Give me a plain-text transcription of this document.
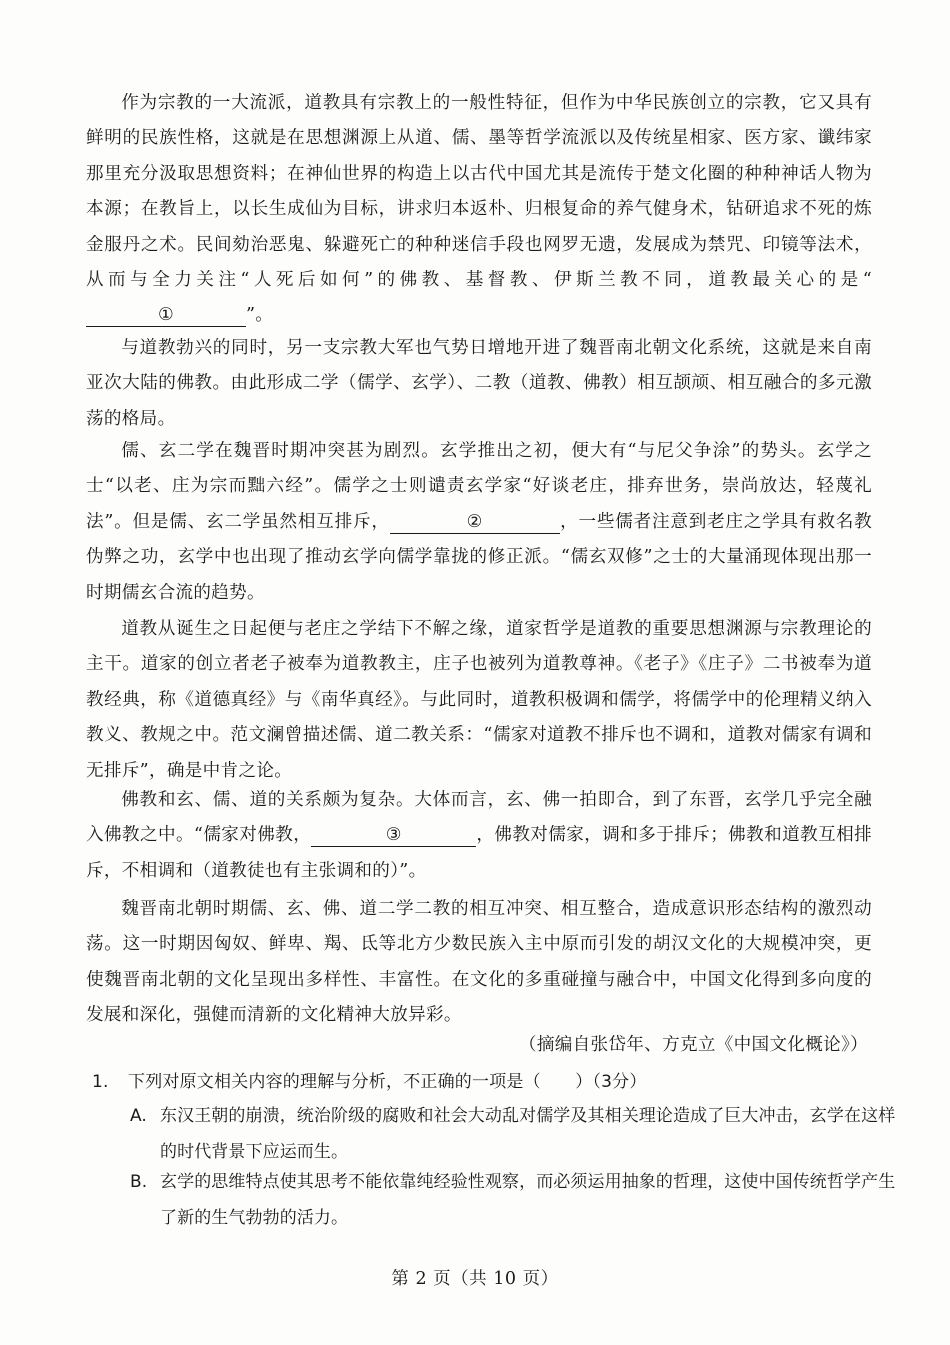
作为宗教的一大流派，道教具有宗教上的一般性特征，但作为中华民族创立的宗教，它又具有鲜明的民族性格，这就是在思想渊源上从道、儒、墨等哲学流派以及传统星相家、医方家、谶纬家那里充分汲取思想资料；在神仙世界的构造上以古代中国尤其是流传于楚文化圈的种种神话人物为本源；在教旨上，以长生成仙为目标，讲求归本返朴、归根复命的养气健身术，钻研追求不死的炼金服丹之术。民间劾治恶鬼、躲避死亡的种种迷信手段也网罗无遗，发展成为禁咒、印镜等法术，从而与全力关注“人死后如何”的佛教、基督教、伊斯兰教不同，道教最关心的是“①	”。

与道教勃兴的同时，另一支宗教大军也气势日增地开进了魏晋南北朝文化系统，这就是来自南亚次大陆的佛教。由此形成二学（儒学、玄学）、二教（道教、佛教）相互颉颃、相互融合的多元激荡的格局。

儒、玄二学在魏晋时期冲突甚为剧烈。玄学推出之初，便大有“与尼父争涂”的势头。玄学之士“以老、庄为宗而黜六经”。儒学之士则谴责玄学家“好谈老庄，排弃世务，崇尚放达，轻蔑礼法”。但是儒、玄二学虽然相互排斥，	②	，一些儒者注意到老庄之学具有救名教伪弊之功，玄学中也出现了推动玄学向儒学靠拢的修正派。“儒玄双修”之士的大量涌现体现出那一时期儒玄合流的趋势。

道教从诞生之日起便与老庄之学结下不解之缘，道家哲学是道教的重要思想渊源与宗教理论的主干。道家的创立者老子被奉为道教教主，庄子也被列为道教尊神。《老子》《庄子》二书被奉为道教经典，称《道德真经》与《南华真经》。与此同时，道教积极调和儒学，将儒学中的伦理精义纳入教义、教规之中。范文澜曾描述儒、道二教关系：“儒家对道教不排斥也不调和，道教对儒家有调和无排斥”，确是中肯之论。

佛教和玄、儒、道的关系颇为复杂。大体而言，玄、佛一拍即合，到了东晋，玄学几乎完全融入佛教之中。“儒家对佛教，	③	，佛教对儒家，调和多于排斥；佛教和道教互相排斥，不相调和（道教徒也有主张调和的）”。

魏晋南北朝时期儒、玄、佛、道二学二教的相互冲突、相互整合，造成意识形态结构的激烈动荡。这一时期因匈奴、鲜卑、羯、氐等北方少数民族入主中原而引发的胡汉文化的大规模冲突，更使魏晋南北朝的文化呈现出多样性、丰富性。在文化的多重碰撞与融合中，中国文化得到多向度的发展和深化，强健而清新的文化精神大放异彩。

（摘编自张岱年、方克立《中国文化概论》）

1. 下列对原文相关内容的理解与分析，不正确的一项是（　　）（3分）

A. 东汉王朝的崩溃，统治阶级的腐败和社会大动乱对儒学及其相关理论造成了巨大冲击，玄学在这样的时代背景下应运而生。

B. 玄学的思维特点使其思考不能依靠纯经验性观察，而必须运用抽象的哲理，这使中国传统哲学产生了新的生气勃勃的活力。

第 2 页（共 10 页）
